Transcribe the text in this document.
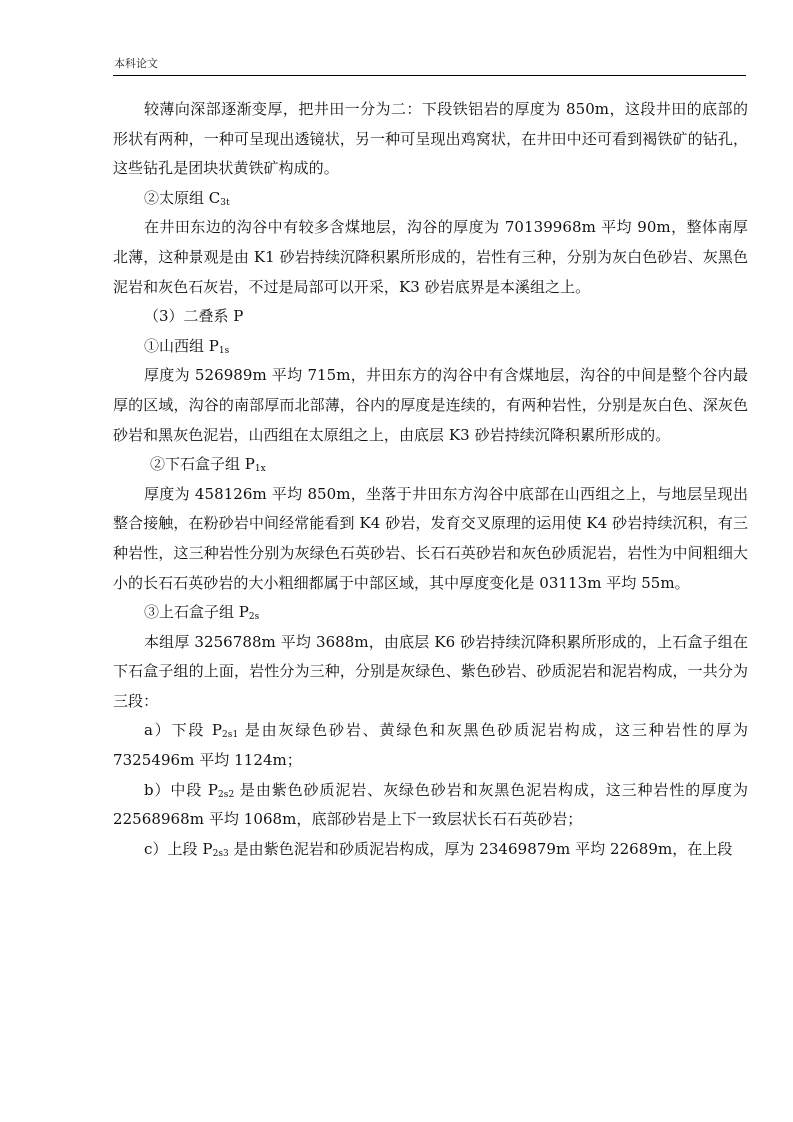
本科论文

较薄向深部逐渐变厚，把井田一分为二：下段铁铝岩的厚度为 850m，这段井田的底部的形状有两种，一种可呈现出透镜状，另一种可呈现出鸡窝状，在井田中还可看到褐铁矿的钻孔，这些钻孔是团块状黄铁矿构成的。

②太原组 $C_{3t}$

在井田东边的沟谷中有较多含煤地层，沟谷的厚度为 70139968m 平均 90m，整体南厚北薄，这种景观是由 K1 砂岩持续沉降积累所形成的，岩性有三种，分别为灰白色砂岩、灰黑色泥岩和灰色石灰岩，不过是局部可以开采，K3 砂岩底界是本溪组之上。

（3）二叠系 P

①山西组 $P_{1s}$

厚度为 526989m 平均 715m，井田东方的沟谷中有含煤地层，沟谷的中间是整个谷内最厚的区域，沟谷的南部厚而北部薄，谷内的厚度是连续的，有两种岩性，分别是灰白色、深灰色砂岩和黑灰色泥岩，山西组在太原组之上，由底层 K3 砂岩持续沉降积累所形成的。

②下石盒子组 $P_{1x}$

厚度为 458126m 平均 850m，坐落于井田东方沟谷中底部在山西组之上，与地层呈现出整合接触，在粉砂岩中间经常能看到 K4 砂岩，发育交叉原理的运用使 K4 砂岩持续沉积，有三种岩性，这三种岩性分别为灰绿色石英砂岩、长石石英砂岩和灰色砂质泥岩，岩性为中间粗细大小的长石石英砂岩的大小粗细都属于中部区域，其中厚度变化是 03113m 平均 55m。

③上石盒子组 $P_{2s}$

本组厚 3256788m 平均 3688m，由底层 K6 砂岩持续沉降积累所形成的，上石盒子组在下石盒子组的上面，岩性分为三种，分别是灰绿色、紫色砂岩、砂质泥岩和泥岩构成，一共分为三段：

a）下段 $P_{2s1}$ 是由灰绿色砂岩、黄绿色和灰黑色砂质泥岩构成，这三种岩性的厚为 7325496m 平均 1124m；

b）中段 $P_{2s2}$ 是由紫色砂质泥岩、灰绿色砂岩和灰黑色泥岩构成，这三种岩性的厚度为 22568968m 平均 1068m，底部砂岩是上下一致层状长石石英砂岩；

c）上段 $P_{2s3}$ 是由紫色泥岩和砂质泥岩构成，厚为 23469879m 平均 22689m，在上段
